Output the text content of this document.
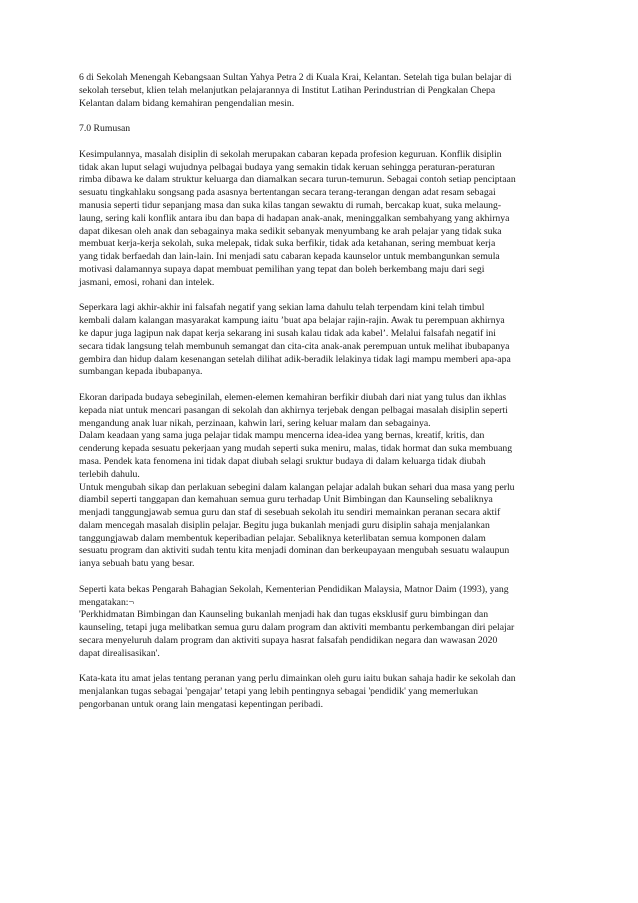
6 di Sekolah Menengah Kebangsaan Sultan Yahya Petra 2 di Kuala Krai, Kelantan. Setelah tiga bulan belajar di
sekolah tersebut, klien telah melanjutkan pelajarannya di Institut Latihan Perindustrian di Pengkalan Chepa
Kelantan dalam bidang kemahiran pengendalian mesin.

7.0 Rumusan

Kesimpulannya, masalah disiplin di sekolah merupakan cabaran kepada profesion keguruan. Konflik disiplin
tidak akan luput selagi wujudnya pelbagai budaya yang semakin tidak keruan sehingga peraturan-peraturan
rimba dibawa ke dalam struktur keluarga dan diamalkan secara turun-temurun. Sebagai contoh setiap penciptaan
sesuatu tingkahlaku songsang pada asasnya bertentangan secara terang-terangan dengan adat resam sebagai
manusia seperti tidur sepanjang masa dan suka kilas tangan sewaktu di rumah, bercakap kuat, suka melaung-
laung, sering kali konflik antara ibu dan bapa di hadapan anak-anak, meninggalkan sembahyang yang akhirnya
dapat dikesan oleh anak dan sebagainya maka sedikit sebanyak menyumbang ke arah pelajar yang tidak suka
membuat kerja-kerja sekolah, suka melepak, tidak suka berfikir, tidak ada ketahanan, sering membuat kerja
yang tidak berfaedah dan lain-lain. Ini menjadi satu cabaran kepada kaunselor untuk membangunkan semula
motivasi dalamannya supaya dapat membuat pemilihan yang tepat dan boleh berkembang maju dari segi
jasmani, emosi, rohani dan intelek.

Seperkara lagi akhir-akhir ini falsafah negatif yang sekian lama dahulu telah terpendam kini telah timbul
kembali dalam kalangan masyarakat kampung iaitu ’buat apa belajar rajin-rajin. Awak tu perempuan akhirnya
ke dapur juga lagipun nak dapat kerja sekarang ini susah kalau tidak ada kabel’. Melalui falsafah negatif ini
secara tidak langsung telah membunuh semangat dan cita-cita anak-anak perempuan untuk melihat ibubapanya
gembira dan hidup dalam kesenangan setelah dilihat adik-beradik lelakinya tidak lagi mampu memberi apa-apa
sumbangan kepada ibubapanya.

Ekoran daripada budaya sebeginilah, elemen-elemen kemahiran berfikir diubah dari niat yang tulus dan ikhlas
kepada niat untuk mencari pasangan di sekolah dan akhirnya terjebak dengan pelbagai masalah disiplin seperti
mengandung anak luar nikah, perzinaan, kahwin lari, sering keluar malam dan sebagainya.

Dalam keadaan yang sama juga pelajar tidak mampu mencerna idea-idea yang bernas, kreatif, kritis, dan
cenderung kepada sesuatu pekerjaan yang mudah seperti suka meniru, malas, tidak hormat dan suka membuang
masa. Pendek kata fenomena ini tidak dapat diubah selagi sruktur budaya di dalam keluarga tidak diubah
terlebih dahulu.

Untuk mengubah sikap dan perlakuan sebegini dalam kalangan pelajar adalah bukan sehari dua masa yang perlu
diambil seperti tanggapan dan kemahuan semua guru terhadap Unit Bimbingan dan Kaunseling sebaliknya
menjadi tanggungjawab semua guru dan staf di sesebuah sekolah itu sendiri memainkan peranan secara aktif
dalam mencegah masalah disiplin pelajar. Begitu juga bukanlah menjadi guru disiplin sahaja menjalankan
tanggungjawab dalam membentuk keperibadian pelajar. Sebaliknya keterlibatan semua komponen dalam
sesuatu program dan aktiviti sudah tentu kita menjadi dominan dan berkeupayaan mengubah sesuatu walaupun
ianya sebuah batu yang besar.

Seperti kata bekas Pengarah Bahagian Sekolah, Kementerian Pendidikan Malaysia, Matnor Daim (1993), yang
mengatakan:¬

'Perkhidmatan Bimbingan dan Kaunseling bukanlah menjadi hak dan tugas eksklusif guru bimbingan dan
kaunseling, tetapi juga melibatkan semua guru dalam program dan aktiviti membantu perkembangan diri pelajar
secara menyeluruh dalam program dan aktiviti supaya hasrat falsafah pendidikan negara dan wawasan 2020
dapat direalisasikan'.

Kata-kata itu amat jelas tentang peranan yang perlu dimainkan oleh guru iaitu bukan sahaja hadir ke sekolah dan
menjalankan tugas sebagai 'pengajar' tetapi yang lebih pentingnya sebagai 'pendidik' yang memerlukan
pengorbanan untuk orang lain mengatasi kepentingan peribadi.
